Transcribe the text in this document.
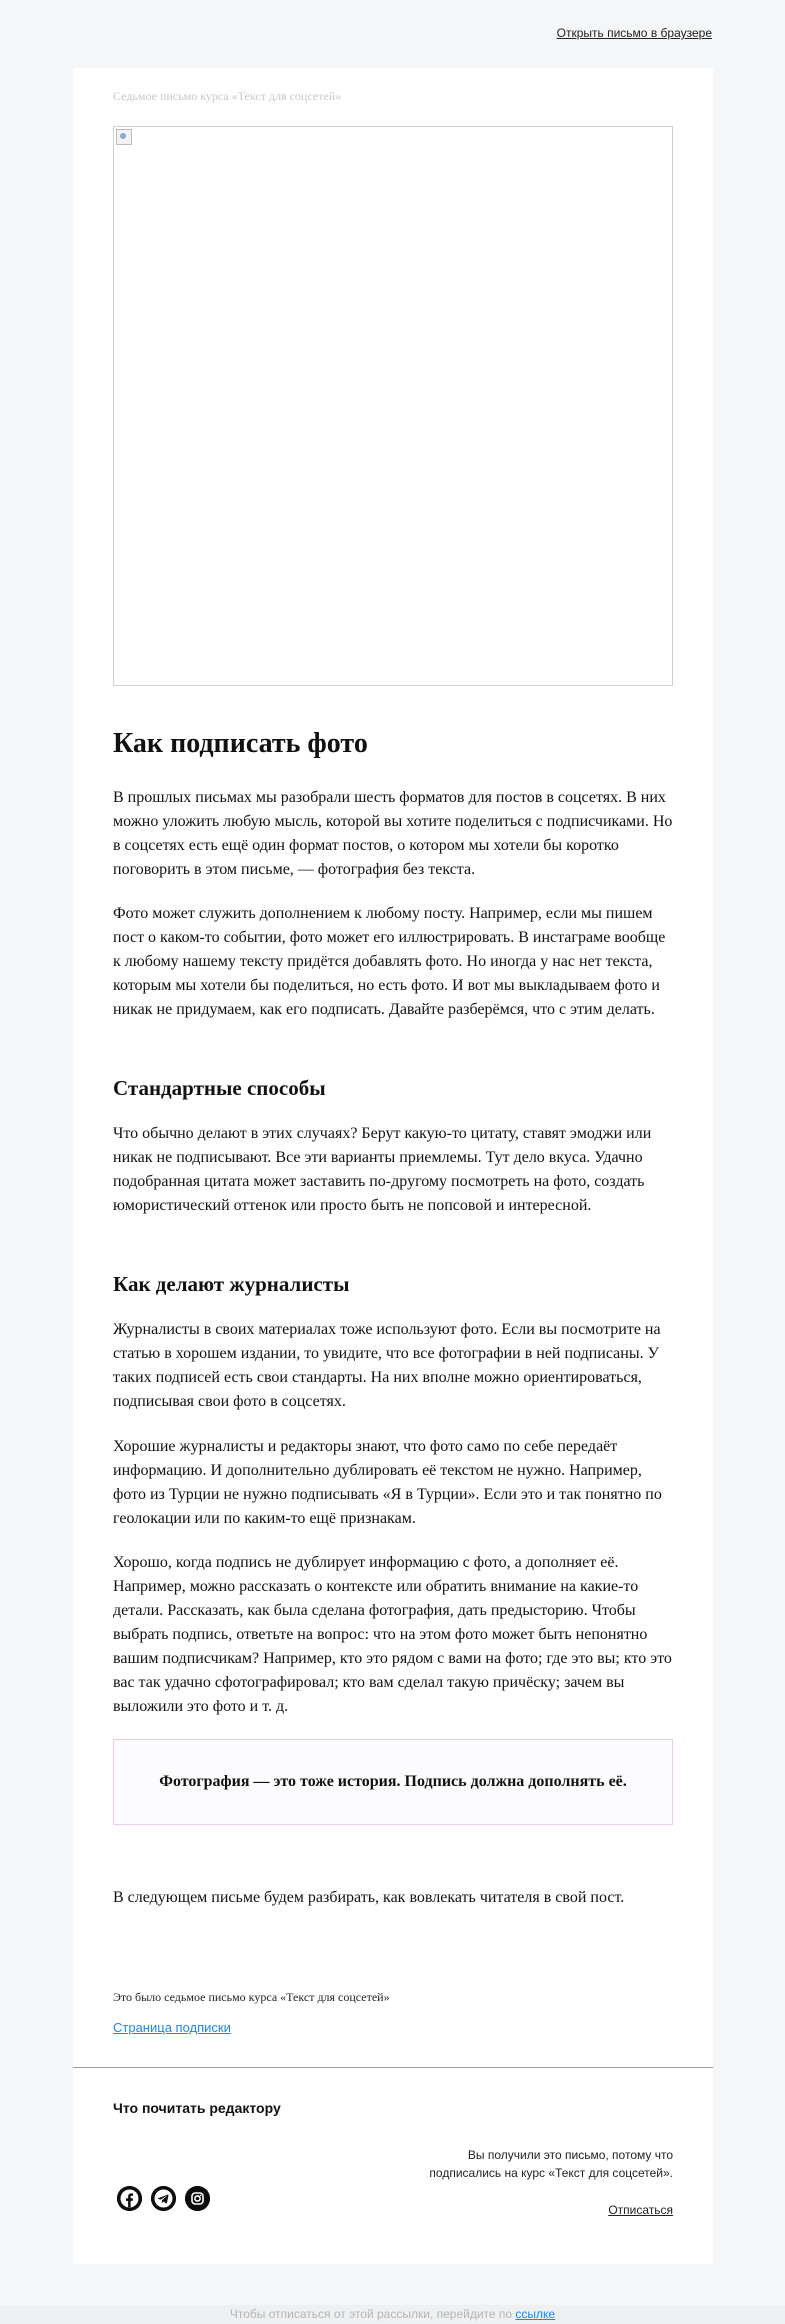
Открыть письмо в браузере
Седьмое письмо курса «Текст для соцсетей»
Как подписать фото

В прошлых письмах мы разобрали шесть форматов для постов в соцсетях. В них можно уложить любую мысль, которой вы хотите поделиться с подписчиками. Но в соцсетях есть ещё один формат постов, о котором мы хотели бы коротко поговорить в этом письме, — фотография без текста.

Фото может служить дополнением к любому посту. Например, если мы пишем пост о каком-то событии, фото может его иллюстрировать. В инстаграме вообще к любому нашему тексту придётся добавлять фото. Но иногда у нас нет текста, которым мы хотели бы поделиться, но есть фото. И вот мы выкладываем фото и никак не придумаем, как его подписать. Давайте разберёмся, что с этим делать.

Стандартные способы

Что обычно делают в этих случаях? Берут какую-то цитату, ставят эмоджи или никак не подписывают. Все эти варианты приемлемы. Тут дело вкуса. Удачно подобранная цитата может заставить по-другому посмотреть на фото, создать юмористический оттенок или просто быть не попсовой и интересной.

Как делают журналисты

Журналисты в своих материалах тоже используют фото. Если вы посмотрите на статью в хорошем издании, то увидите, что все фотографии в ней подписаны. У таких подписей есть свои стандарты. На них вполне можно ориентироваться, подписывая свои фото в соцсетях.

Хорошие журналисты и редакторы знают, что фото само по себе передаёт информацию. И дополнительно дублировать её текстом не нужно. Например, фото из Турции не нужно подписывать «Я в Турции». Если это и так понятно по геолокации или по каким-то ещё признакам.

Хорошо, когда подпись не дублирует информацию с фото, а дополняет её. Например, можно рассказать о контексте или обратить внимание на какие-то детали. Рассказать, как была сделана фотография, дать предысторию. Чтобы выбрать подпись, ответьте на вопрос: что на этом фото может быть непонятно вашим подписчикам? Например, кто это рядом с вами на фото; где это вы; кто это вас так удачно сфотографировал; кто вам сделал такую причёску; зачем вы выложили это фото и т. д.

Фотография — это тоже история. Подпись должна дополнять её.

В следующем письме будем разбирать, как вовлекать читателя в свой пост.

Это было седьмое письмо курса «Текст для соцсетей»
Страница подписки
Что почитать редактору
Вы получили это письмо, потому что
подписались на курс «Текст для соцсетей».
Отписаться
Чтобы отписаться от этой рассылки, перейдите по ссылке
